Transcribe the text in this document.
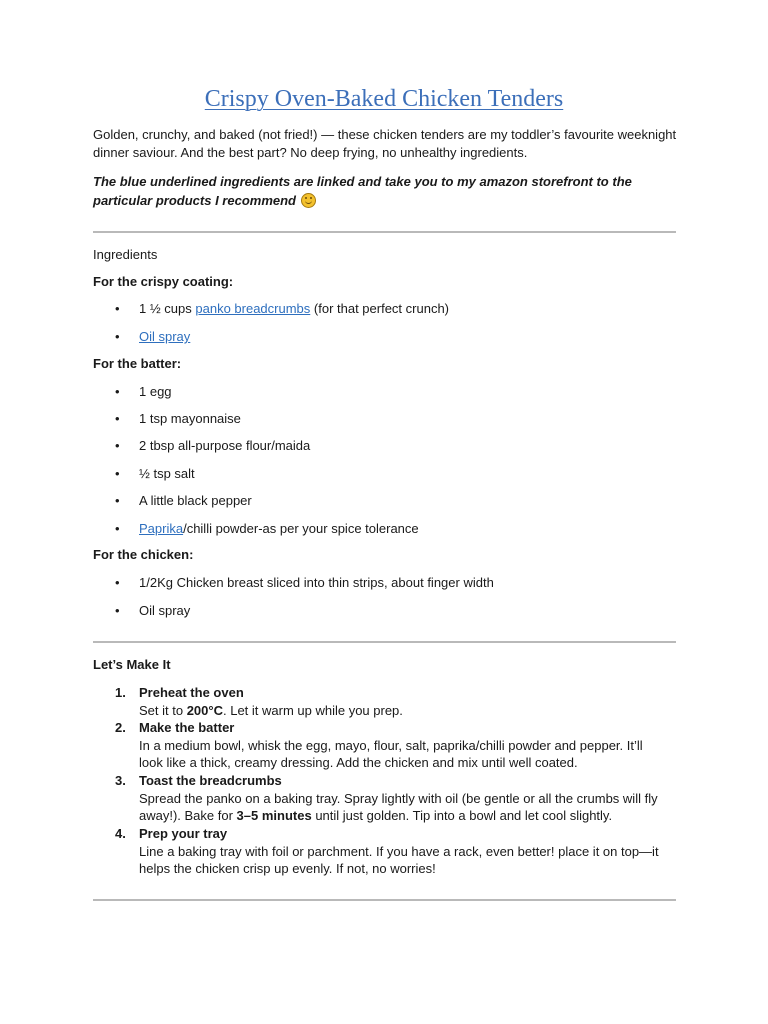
Crispy Oven-Baked Chicken Tenders
Golden, crunchy, and baked (not fried!) — these chicken tenders are my toddler’s favourite weeknight dinner saviour. And the best part? No deep frying, no unhealthy ingredients.
The blue underlined ingredients are linked and take you to my amazon storefront to the particular products I recommend
Ingredients
For the crispy coating:
• 1 ½ cups panko breadcrumbs (for that perfect crunch)
• Oil spray
For the batter:
• 1 egg
• 1 tsp mayonnaise
• 2 tbsp all-purpose flour/maida
• ½ tsp salt
• A little black pepper
• Paprika/chilli powder-as per your spice tolerance
For the chicken:
• 1/2Kg Chicken breast sliced into thin strips, about finger width
• Oil spray
Let’s Make It
1. Preheat the oven
Set it to 200°C. Let it warm up while you prep.
2. Make the batter
In a medium bowl, whisk the egg, mayo, flour, salt, paprika/chilli powder and pepper. It’ll
look like a thick, creamy dressing. Add the chicken and mix until well coated.
3. Toast the breadcrumbs
Spread the panko on a baking tray. Spray lightly with oil (be gentle or all the crumbs will fly
away!). Bake for 3–5 minutes until just golden. Tip into a bowl and let cool slightly.
4. Prep your tray
Line a baking tray with foil or parchment. If you have a rack, even better! place it on top—it
helps the chicken crisp up evenly. If not, no worries!
